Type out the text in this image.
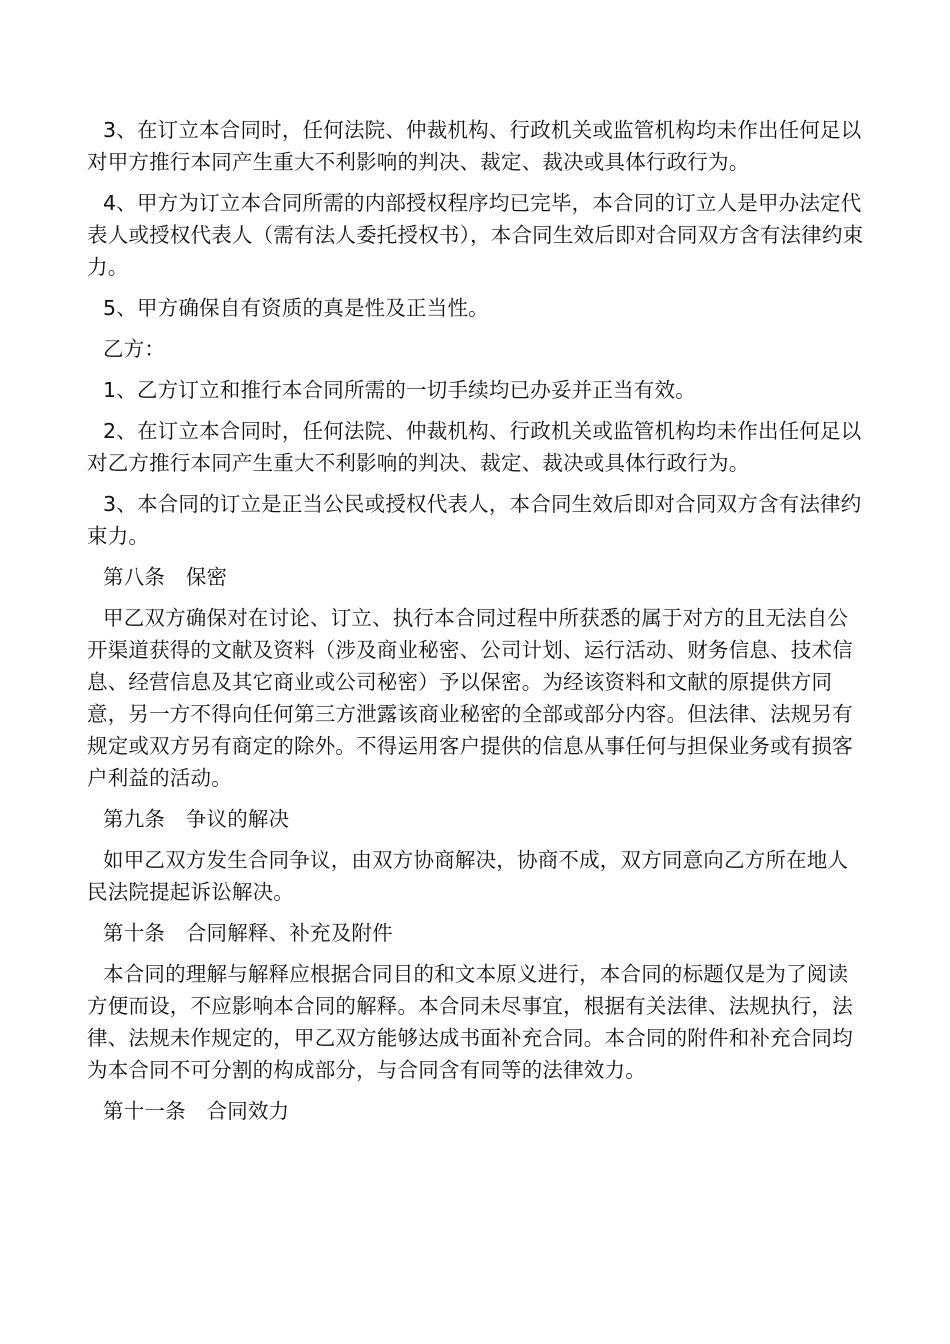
3、在订立本合同时，任何法院、仲裁机构、行政机关或监管机构均未作出任何足以对甲方推行本同产生重大不利影响的判决、裁定、裁决或具体行政行为。

4、甲方为订立本合同所需的内部授权程序均已完毕，本合同的订立人是甲办法定代表人或授权代表人（需有法人委托授权书），本合同生效后即对合同双方含有法律约束力。

5、甲方确保自有资质的真是性及正当性。

乙方：

1、乙方订立和推行本合同所需的一切手续均已办妥并正当有效。

2、在订立本合同时，任何法院、仲裁机构、行政机关或监管机构均未作出任何足以对乙方推行本同产生重大不利影响的判决、裁定、裁决或具体行政行为。

3、本合同的订立是正当公民或授权代表人，本合同生效后即对合同双方含有法律约束力。

第八条　保密

甲乙双方确保对在讨论、订立、执行本合同过程中所获悉的属于对方的且无法自公开渠道获得的文献及资料（涉及商业秘密、公司计划、运行活动、财务信息、技术信息、经营信息及其它商业或公司秘密）予以保密。为经该资料和文献的原提供方同意，另一方不得向任何第三方泄露该商业秘密的全部或部分内容。但法律、法规另有规定或双方另有商定的除外。不得运用客户提供的信息从事任何与担保业务或有损客户利益的活动。

第九条　争议的解决

如甲乙双方发生合同争议，由双方协商解决，协商不成，双方同意向乙方所在地人民法院提起诉讼解决。

第十条　合同解释、补充及附件

本合同的理解与解释应根据合同目的和文本原义进行，本合同的标题仅是为了阅读方便而设，不应影响本合同的解释。本合同未尽事宜，根据有关法律、法规执行，法律、法规未作规定的，甲乙双方能够达成书面补充合同。本合同的附件和补充合同均为本合同不可分割的构成部分，与合同含有同等的法律效力。

第十一条　合同效力
